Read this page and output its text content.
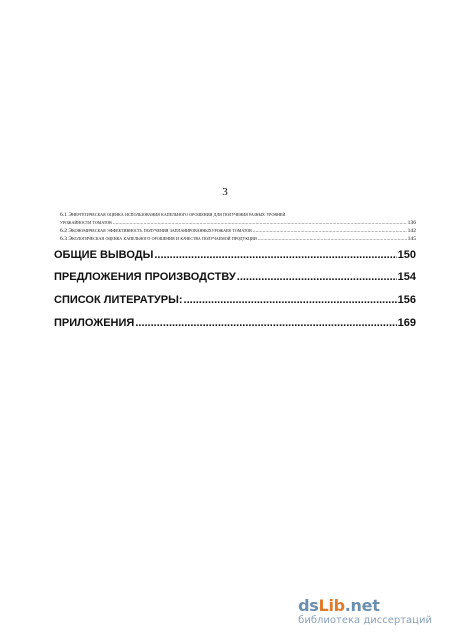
3
6.1 Энергетическая оценка использования капельного орошения для получения разных уровней
урожайности томатов .....	136
6.2 Экономическая эффективность получения запланированныхурожаев томатов .....	142
6.3 Экологическая оценка капельного орошения и качества получаемой продукции .....	145
ОБЩИЕ ВЫВОДЫ .....	150
ПРЕДЛОЖЕНИЯ ПРОИЗВОДСТВУ .....	154
СПИСОК ЛИТЕРАТУРЫ: .....	156
ПРИЛОЖЕНИЯ .....	169
dsLib.net
библиотека диссертаций
